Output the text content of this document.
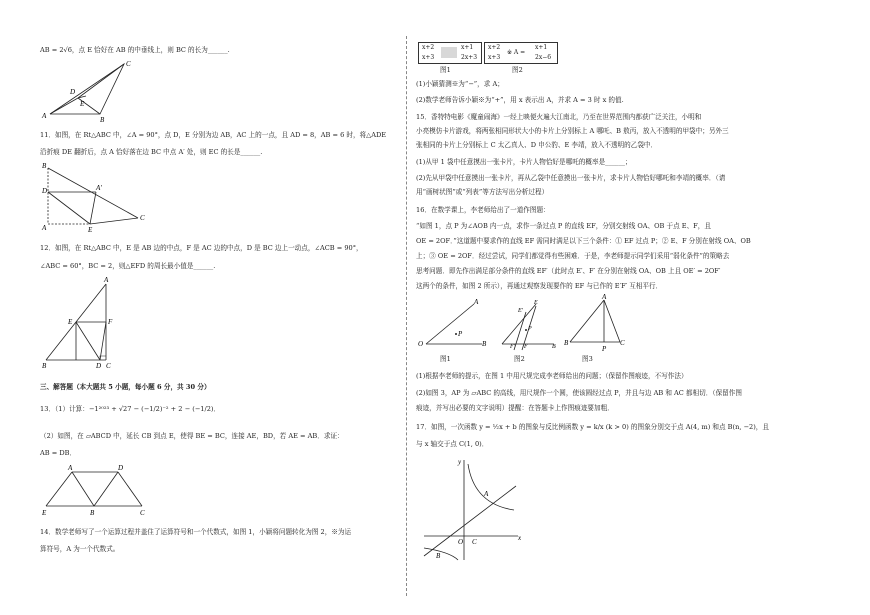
AB = 2√6，点 E 恰好在 AB 的中垂线上，则 BC 的长为______.
C
D
E
A	B
11．如图，在 Rt△ABC 中，∠A = 90°，点 D，E 分别为边 AB，AC 上的一点，且 AD = 8，AB = 6 时，将△ADE
沿折痕 DE 翻折后，点 A 恰好落在边 BC 中点 A′ 处，则 EC 的长是______.
B
D	A′
A	E
C
12．如图，在 Rt△ABC 中，E 是 AB 边的中点，F 是 AC 边的中点，D 是 BC 边上一动点，∠ACB = 90°，
∠ABC = 60°，BC = 2，则△EFD 的周长最小值是______.
A
E	F
B	D C
三、解答题（本大题共 5 小题，每小题 6 分，共 30 分）
13．（1）计算：−1²⁰²³ + √27 − (−1/2)⁻² + 2 − (−1/2)．
（2）如图，在 ▱ABCD 中，延长 CB 到点 E，使得 BE = BC，连接 AE，BD，若 AE = AB．求证：
AB = DB．
A	D
E	B	C
14．数学老师写了一个运算过程并盖住了运算符号和一个代数式，如图 1，小颖将问题转化为图 2，※为运
算符号，A 为一个代数式。
x+2
x+3
x+1
2x+3
x+2
x+3
※ A =
x+1
2x−6
图1	图2
(1)小颖猜测※为“−”，求 A；
(2)数学老师告诉小颖※为“+”，用 x 表示出 A，并求 A = 3 时 x 的值.
15．香特特电影《魔童闹海》一经上映便火遍大江南北，乃至在世界范围内都获广泛关注，小明和
小亮模仿卡片游戏，将两张相同形状大小的卡片上分别标上 A 哪吒、B 敖丙，放入不透明的甲袋中；另外三
张相同的卡片上分别标上 C 太乙真人、D 申公豹、E 李靖，放入不透明的乙袋中．
(1)从甲 1 袋中任意摸出一张卡片，卡片人物恰好是哪吒的概率是______；
(2)先从甲袋中任意摸出一张卡片，再从乙袋中任意摸出一张卡片，求卡片人物恰好哪吒和李靖的概率．（请
用“画树状图”或“列表”等方法写出分析过程）
16．在数学课上，李老师给出了一道作图题：
“如图 1，点 P 为∠AOB 内一点，求作一条过点 P 的直线 EF，分别交射线 OA、OB 于点 E、F，且
OE = 2OF．”这道题中要求作的直线 EF 需同时满足以下三个条件：① EF 过点 P；② E、F 分别在射线 OA、OB
上；③ OE = 2OF．经过尝试，同学们都觉得有些困难．于是，李老师提示同学们采用“弱化条件”的策略去
思考问题．即先作出满足部分条件的直线 EF′（此时点 E′、F′ 在分别在射线 OA、OB 上且 OE′ = 2OF′
这两个的条件，如图 2 所示），再通过观察发现要作的 EF 与已作的 E′F′ 互相平行．
A
P
O	B
E′
E
P
F′ F	B
A
P
B	C
图1	图2	图3
(1)根据李老师的提示，在图 1 中用尺规完成李老师给出的问题；（保留作图痕迹，不写作法）
(2)如图 3，AP 为 ▱ABC 的高线，用尺规作一个圆，使该圆经过点 P，并且与边 AB 和 AC 都相切．（保留作图
痕迹，并写出必要的文字说明）提醒：在答题卡上作图痕迹要加粗．
17．如图，一次函数 y = ½x + b 的图象与反比例函数 y = k/x (k > 0) 的图象分别交于点 A(4, m) 和点 B(n, −2)，且
与 x 轴交于点 C(1, 0)．
y
A
B
O C	x
